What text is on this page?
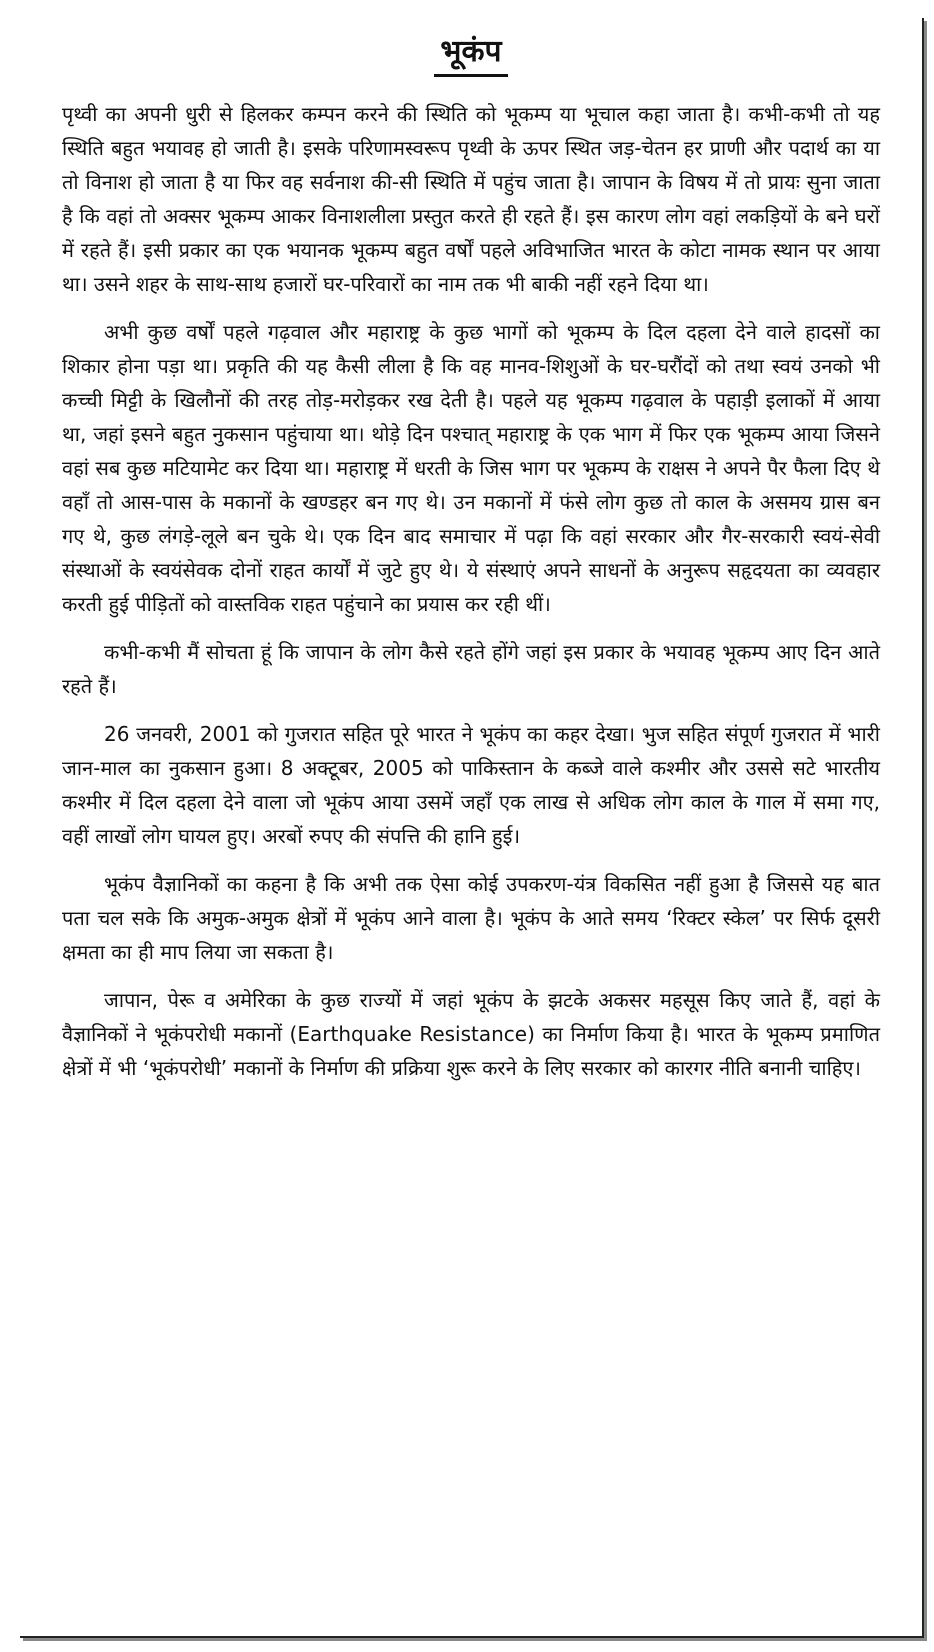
भूकंप

पृथ्वी का अपनी धुरी से हिलकर कम्पन करने की स्थिति को भूकम्प या भूचाल कहा जाता है। कभी-कभी तो यह स्थिति बहुत भयावह हो जाती है। इसके परिणामस्वरूप पृथ्वी के ऊपर स्थित जड़-चेतन हर प्राणी और पदार्थ का या तो विनाश हो जाता है या फिर वह सर्वनाश की-सी स्थिति में पहुंच जाता है। जापान के विषय में तो प्रायः सुना जाता है कि वहां तो अक्सर भूकम्प आकर विनाशलीला प्रस्तुत करते ही रहते हैं। इस कारण लोग वहां लकड़ियों के बने घरों में रहते हैं। इसी प्रकार का एक भयानक भूकम्प बहुत वर्षों पहले अविभाजित भारत के कोटा नामक स्थान पर आया था। उसने शहर के साथ-साथ हजारों घर-परिवारों का नाम तक भी बाकी नहीं रहने दिया था।

अभी कुछ वर्षों पहले गढ़वाल और महाराष्ट्र के कुछ भागों को भूकम्प के दिल दहला देने वाले हादसों का शिकार होना पड़ा था। प्रकृति की यह कैसी लीला है कि वह मानव-शिशुओं के घर-घरौंदों को तथा स्वयं उनको भी कच्ची मिट्टी के खिलौनों की तरह तोड़-मरोड़कर रख देती है। पहले यह भूकम्प गढ़वाल के पहाड़ी इलाकों में आया था, जहां इसने बहुत नुकसान पहुंचाया था। थोड़े दिन पश्चात् महाराष्ट्र के एक भाग में फिर एक भूकम्प आया जिसने वहां सब कुछ मटियामेट कर दिया था। महाराष्ट्र में धरती के जिस भाग पर भूकम्प के राक्षस ने अपने पैर फैला दिए थे वहाँ तो आस-पास के मकानों के खण्डहर बन गए थे। उन मकानों में फंसे लोग कुछ तो काल के असमय ग्रास बन गए थे, कुछ लंगड़े-लूले बन चुके थे। एक दिन बाद समाचार में पढ़ा कि वहां सरकार और गैर-सरकारी स्वयं-सेवी संस्थाओं के स्वयंसेवक दोनों राहत कार्यों में जुटे हुए थे। ये संस्थाएं अपने साधनों के अनुरूप सहृदयता का व्यवहार करती हुई पीड़ितों को वास्तविक राहत पहुंचाने का प्रयास कर रही थीं।

कभी-कभी मैं सोचता हूं कि जापान के लोग कैसे रहते होंगे जहां इस प्रकार के भयावह भूकम्प आए दिन आते रहते हैं।

26 जनवरी, 2001 को गुजरात सहित पूरे भारत ने भूकंप का कहर देखा। भुज सहित संपूर्ण गुजरात में भारी जान-माल का नुकसान हुआ। 8 अक्टूबर, 2005 को पाकिस्तान के कब्जे वाले कश्मीर और उससे सटे भारतीय कश्मीर में दिल दहला देने वाला जो भूकंप आया उसमें जहाँ एक लाख से अधिक लोग काल के गाल में समा गए, वहीं लाखों लोग घायल हुए। अरबों रुपए की संपत्ति की हानि हुई।

भूकंप वैज्ञानिकों का कहना है कि अभी तक ऐसा कोई उपकरण-यंत्र विकसित नहीं हुआ है जिससे यह बात पता चल सके कि अमुक-अमुक क्षेत्रों में भूकंप आने वाला है। भूकंप के आते समय ‘रिक्टर स्केल’ पर सिर्फ दूसरी क्षमता का ही माप लिया जा सकता है।

जापान, पेरू व अमेरिका के कुछ राज्यों में जहां भूकंप के झटके अकसर महसूस किए जाते हैं, वहां के वैज्ञानिकों ने भूकंपरोधी मकानों (Earthquake Resistance) का निर्माण किया है। भारत के भूकम्प प्रमाणित क्षेत्रों में भी ‘भूकंपरोधी’ मकानों के निर्माण की प्रक्रिया शुरू करने के लिए सरकार को कारगर नीति बनानी चाहिए।
